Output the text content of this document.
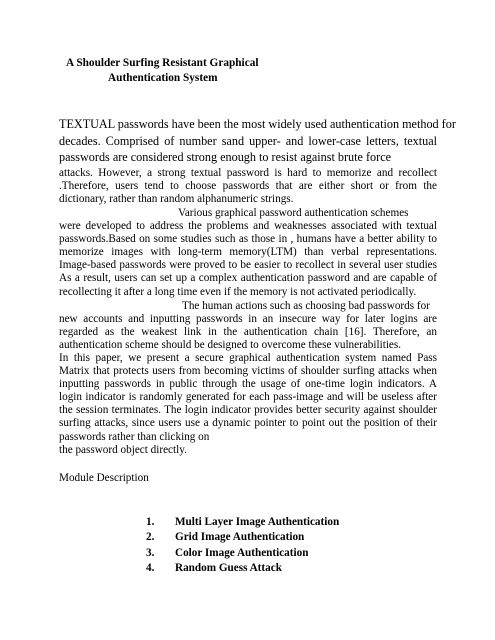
A Shoulder Surfing Resistant Graphical

Authentication System

TEXTUAL passwords have been the most widely used authentication method for
decades. Comprised of number sand upper- and lower-case letters, textual
passwords are considered strong enough to resist against brute force

attacks. However, a strong textual password is hard to memorize and recollect
.Therefore, users tend to choose passwords that are either short or from the
dictionary, rather than random alphanumeric strings.

Various graphical password authentication schemes
were developed to address the problems and weaknesses associated with textual
passwords.Based on some studies such as those in , humans have a better ability to
memorize images with long-term memory(LTM) than verbal representations.
Image-based passwords were proved to be easier to recollect in several user studies
As a result, users can set up a complex authentication password and are capable of
recollecting it after a long time even if the memory is not activated periodically.

The human actions such as choosing bad passwords for
new accounts and inputting passwords in an insecure way for later logins are
regarded as the weakest link in the authentication chain [16]. Therefore, an
authentication scheme should be designed to overcome these vulnerabilities.

In this paper, we present a secure graphical authentication system named Pass
Matrix that protects users from becoming victims of shoulder surfing attacks when
inputting passwords in public through the usage of one-time login indicators. A
login indicator is randomly generated for each pass-image and will be useless after
the session terminates. The login indicator provides better security against shoulder
surfing attacks, since users use a dynamic pointer to point out the position of their
passwords rather than clicking on
the password object directly.

Module Description
1. Multi Layer Image Authentication
2. Grid Image Authentication
3. Color Image Authentication
4. Random Guess Attack
